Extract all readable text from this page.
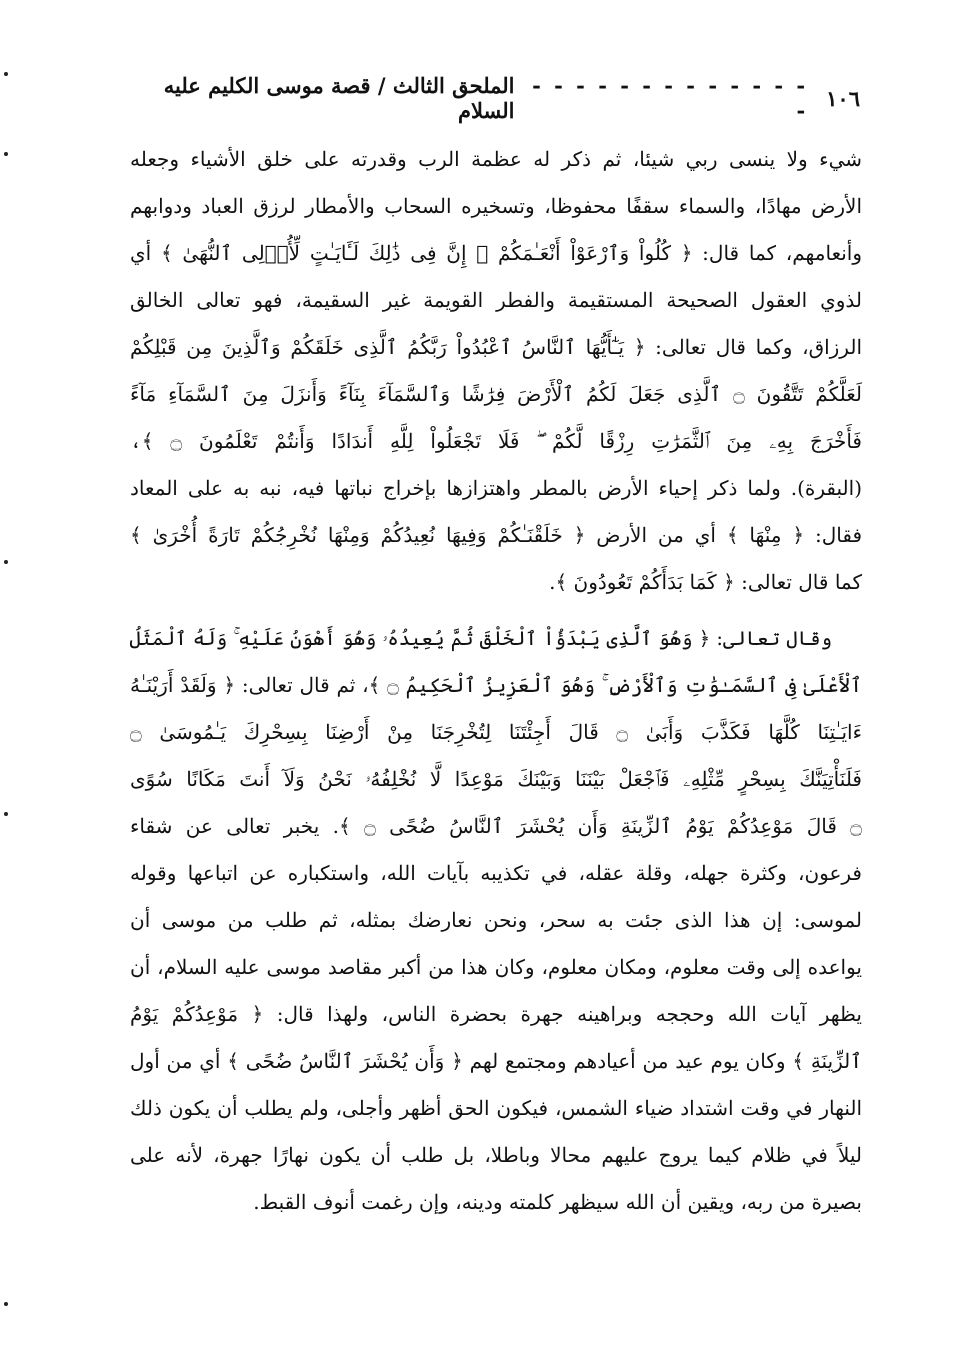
١٠٦
- - - - - - - - - - - - - -
الملحق الثالث / قصة موسى الكليم عليه السلام
شيء ولا ينسى ربي شيئا، ثم ذكر له عظمة الرب وقدرته على خلق الأشياء وجعله
الأرض مهادًا، والسماء سقفًا محفوظا، وتسخيره السحاب والأمطار لرزق العباد ودوابهم
وأنعامهم، كما قال: ﴿ كُلُواْ وَٱرْعَوْاْ أَنْعَـٰمَكُمْ ۗ إِنَّ فِى ذَٰلِكَ لَـَٔايَـٰتٍ لِّأُو۟لِى ٱلنُّهَىٰ ﴾ أي
لذوي العقول الصحيحة المستقيمة والفطر القويمة غير السقيمة، فهو تعالى الخالق
الرزاق، وكما قال تعالى: ﴿ يَـٰٓأَيُّهَا ٱلنَّاسُ ٱعْبُدُواْ رَبَّكُمُ ٱلَّذِى خَلَقَكُمْ وَٱلَّذِينَ مِن قَبْلِكُمْ
لَعَلَّكُمْ تَتَّقُونَ ۝ ٱلَّذِى جَعَلَ لَكُمُ ٱلْأَرْضَ فِرَٰشًا وَٱلسَّمَآءَ بِنَآءً وَأَنزَلَ مِنَ ٱلسَّمَآءِ مَآءً
فَأَخْرَجَ بِهِۦ مِنَ ٱلثَّمَرَٰتِ رِزْقًا لَّكُمْ ۖ فَلَا تَجْعَلُواْ لِلَّهِ أَندَادًا وَأَنتُمْ تَعْلَمُونَ ۝ ﴾،
(البقرة). ولما ذكر إحياء الأرض بالمطر واهتزازها بإخراج نباتها فيه، نبه به على المعاد
فقال: ﴿ مِنْهَا ﴾ أي من الأرض ﴿ خَلَقْنَـٰكُمْ وَفِيهَا نُعِيدُكُمْ وَمِنْهَا نُخْرِجُكُمْ تَارَةً أُخْرَىٰ ﴾
كما قال تعالى: ﴿ كَمَا بَدَأَكُمْ تَعُودُونَ ﴾.
وقال تعالى: ﴿ وَهُوَ ٱلَّذِى يَبْدَؤُاْ ٱلْخَلْقَ ثُمَّ يُعِيدُهُۥ وَهُوَ أَهْوَنُ عَلَيْهِ ۚ وَلَهُ ٱلْمَثَلُ
ٱلْأَعْلَىٰ فِى ٱلسَّمَـٰوَٰتِ وَٱلْأَرْضِ ۚ وَهُوَ ٱلْعَزِيزُ ٱلْحَكِيمُ ۝ ﴾، ثم قال تعالى: ﴿ وَلَقَدْ أَرَيْنَـٰهُ
ءَايَـٰتِنَا كُلَّهَا فَكَذَّبَ وَأَبَىٰ ۝ قَالَ أَجِئْتَنَا لِتُخْرِجَنَا مِنْ أَرْضِنَا بِسِحْرِكَ يَـٰمُوسَىٰ ۝
فَلَنَأْتِيَنَّكَ بِسِحْرٍ مِّثْلِهِۦ فَٱجْعَلْ بَيْنَنَا وَبَيْنَكَ مَوْعِدًا لَّا نُخْلِفُهُۥ نَحْنُ وَلَآ أَنتَ مَكَانًا سُوًى
۝ قَالَ مَوْعِدُكُمْ يَوْمُ ٱلزِّينَةِ وَأَن يُحْشَرَ ٱلنَّاسُ ضُحًى ۝ ﴾. يخبر تعالى عن شقاء
فرعون، وكثرة جهله، وقلة عقله، في تكذيبه بآيات الله، واستكباره عن اتباعها وقوله
لموسى: إن هذا الذى جئت به سحر، ونحن نعارضك بمثله، ثم طلب من موسى أن
يواعده إلى وقت معلوم، ومكان معلوم، وكان هذا من أكبر مقاصد موسى عليه السلام، أن
يظهر آيات الله وحججه وبراهينه جهرة بحضرة الناس، ولهذا قال: ﴿ مَوْعِدُكُمْ يَوْمُ
ٱلزِّينَةِ ﴾ وكان يوم عيد من أعيادهم ومجتمع لهم ﴿ وَأَن يُحْشَرَ ٱلنَّاسُ ضُحًى ﴾ أي من أول
النهار في وقت اشتداد ضياء الشمس، فيكون الحق أظهر وأجلى، ولم يطلب أن يكون ذلك
ليلاً في ظلام كيما يروج عليهم محالا وباطلا، بل طلب أن يكون نهارًا جهرة، لأنه على
بصيرة من ربه، ويقين أن الله سيظهر كلمته ودينه، وإن رغمت أنوف القبط.
